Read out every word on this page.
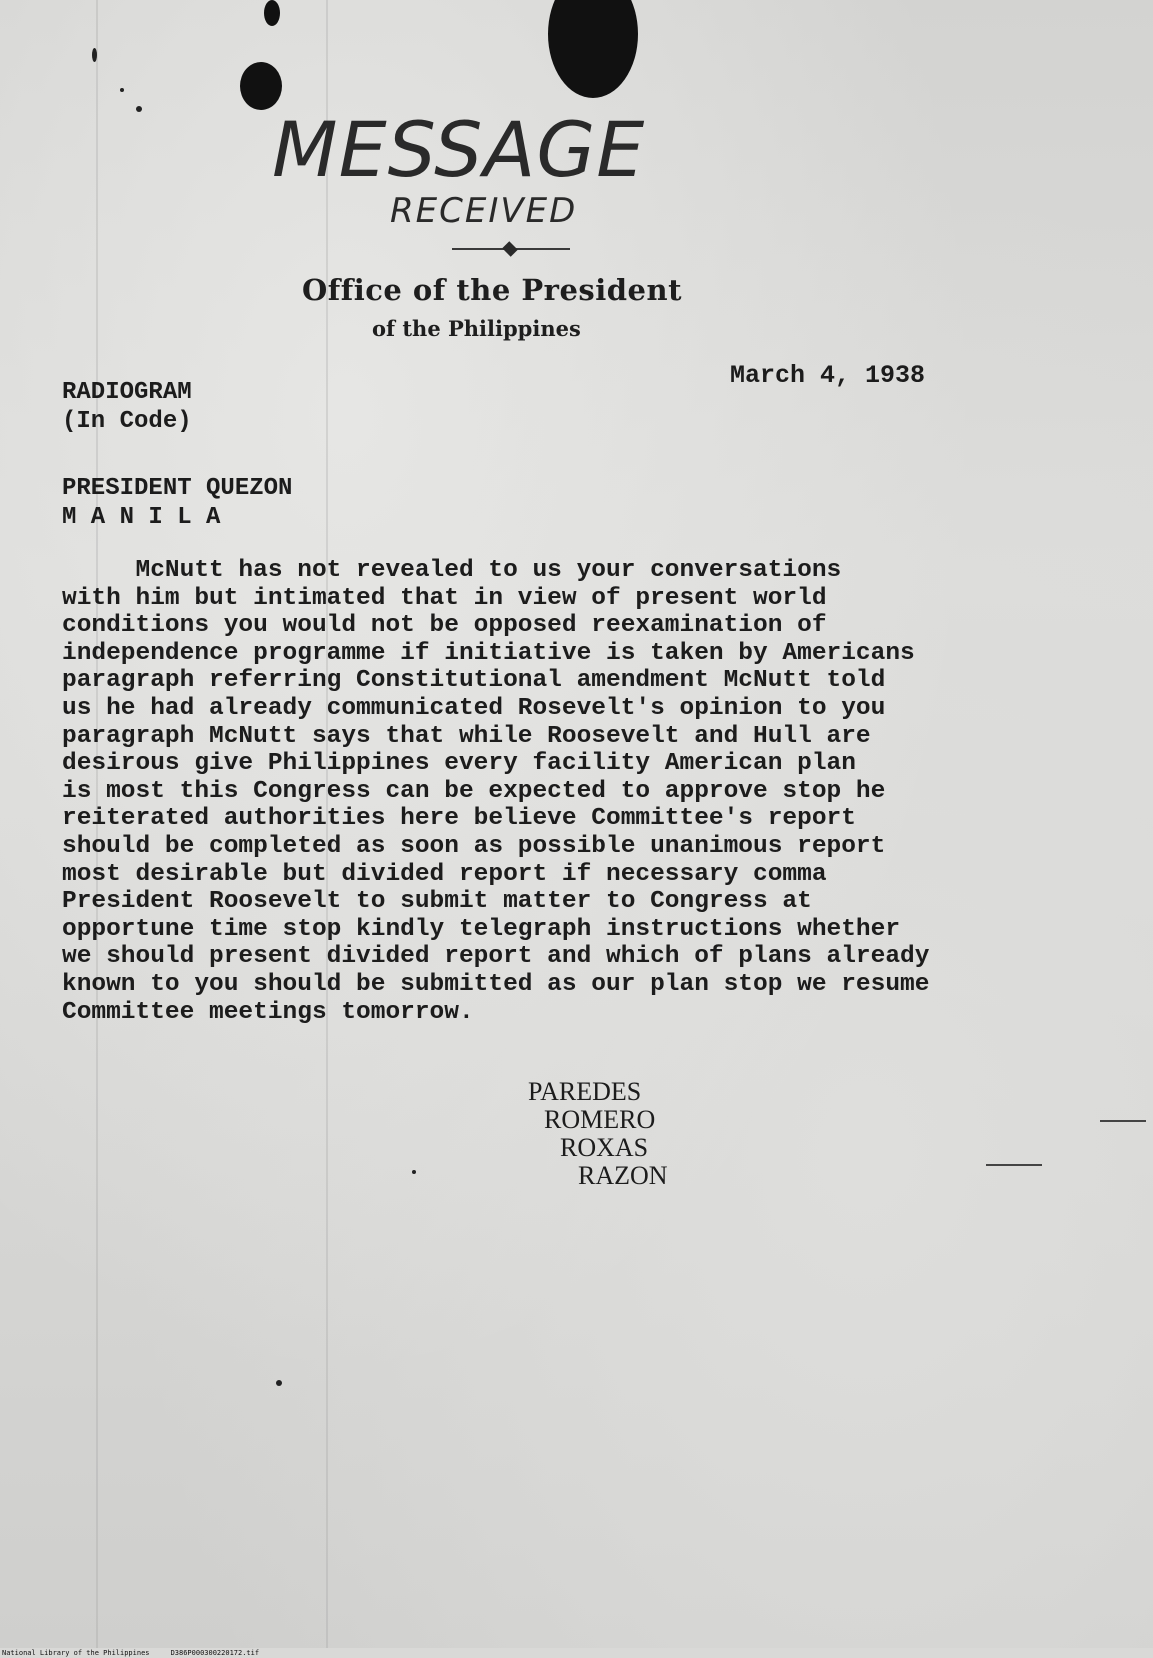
MESSAGE
RECEIVED
Office of the President
of the Philippines
March 4, 1938
RADIOGRAM
(In Code)
PRESIDENT QUEZON
M A N I L A
McNutt has not revealed to us your conversations
with him but intimated that in view of present world
conditions you would not be opposed reexamination of
independence programme if initiative is taken by Americans
paragraph referring Constitutional amendment McNutt told
us he had already communicated Rosevelt's opinion to you
paragraph McNutt says that while Roosevelt and Hull are
desirous give Philippines every facility American plan
is most this Congress can be expected to approve stop he
reiterated authorities here believe Committee's report
should be completed as soon as possible unanimous report
most desirable but divided report if necessary comma
President Roosevelt to submit matter to Congress at
opportune time stop kindly telegraph instructions whether
we should present divided report and which of plans already
known to you should be submitted as our plan stop we resume
Committee meetings tomorrow.
PAREDES
ROMERO
ROXAS
RAZON
National Library of the Philippines     D386P000300220172.tif
